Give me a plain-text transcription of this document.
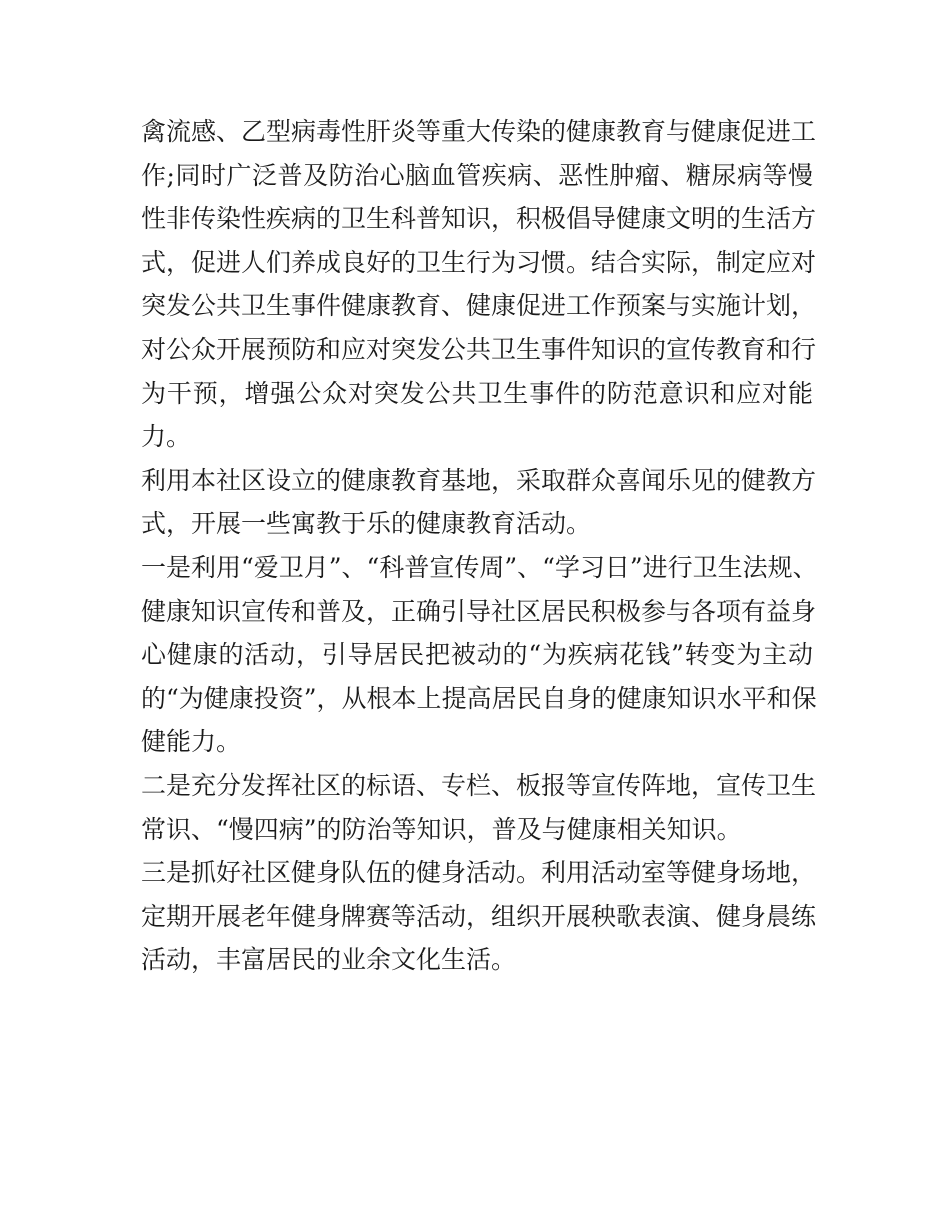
禽流感、乙型病毒性肝炎等重大传染的健康教育与健康促进工
作;同时广泛普及防治心脑血管疾病、恶性肿瘤、糖尿病等慢
性非传染性疾病的卫生科普知识，积极倡导健康文明的生活方
式，促进人们养成良好的卫生行为习惯。结合实际，制定应对
突发公共卫生事件健康教育、健康促进工作预案与实施计划，
对公众开展预防和应对突发公共卫生事件知识的宣传教育和行
为干预，增强公众对突发公共卫生事件的防范意识和应对能
力。
利用本社区设立的健康教育基地，采取群众喜闻乐见的健教方
式，开展一些寓教于乐的健康教育活动。
一是利用“爱卫月”、“科普宣传周”、“学习日”进行卫生法规、
健康知识宣传和普及，正确引导社区居民积极参与各项有益身
心健康的活动，引导居民把被动的“为疾病花钱”转变为主动
的“为健康投资”，从根本上提高居民自身的健康知识水平和保
健能力。
二是充分发挥社区的标语、专栏、板报等宣传阵地，宣传卫生
常识、“慢四病”的防治等知识，普及与健康相关知识。
三是抓好社区健身队伍的健身活动。利用活动室等健身场地，
定期开展老年健身牌赛等活动，组织开展秧歌表演、健身晨练
活动，丰富居民的业余文化生活。
